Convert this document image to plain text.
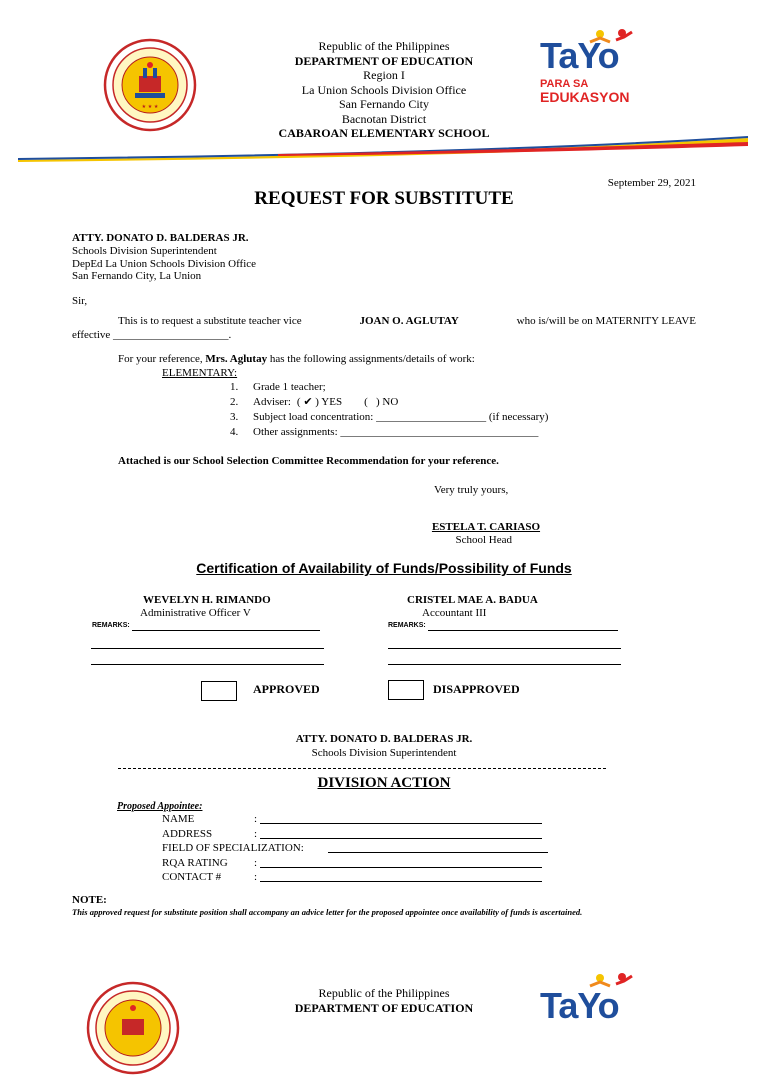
★ ★ ★
Republic of the Philippines
DEPARTMENT OF EDUCATION
Region I
La Union Schools Division Office
San Fernando City
Bacnotan District
CABAROAN ELEMENTARY SCHOOL
TaYo
PARA SA
EDUKASYON
September 29, 2021
REQUEST FOR SUBSTITUTE
ATTY. DONATO D. BALDERAS JR.
Schools Division Superintendent
DepEd La Union Schools Division Office
San Fernando City, La Union
Sir,
This is to request a substitute teacher vice	JOAN O. AGLUTAY	who is/will be on MATERNITY LEAVE
effective _____________________.
For your reference, Mrs. Aglutay has the following assignments/details of work:
ELEMENTARY:
1.	Grade 1 teacher;
2.	Adviser: ( ✔ ) YES (   ) NO
3.	Subject load concentration: ____________________ (if necessary)
4.	Other assignments: ____________________________________
Attached is our School Selection Committee Recommendation for your reference.
Very truly yours,
ESTELA T. CARIASO
School Head
Certification of Availability of Funds/Possibility of Funds
WEVELYN H. RIMANDO
Administrative Officer V
REMARKS:
CRISTEL MAE A. BADUA
Accountant III
REMARKS:
APPROVED	DISAPPROVED
ATTY. DONATO D. BALDERAS JR.
Schools Division Superintendent
DIVISION ACTION
Proposed Appointee:
NAME	:
ADDRESS	:
FIELD OF SPECIALIZATION:
RQA RATING :
CONTACT #	:
NOTE:
This approved request for substitute position shall accompany an advice letter for the proposed appointee once availability of funds is ascertained.
Republic of the Philippines
DEPARTMENT OF EDUCATION	TaYo
